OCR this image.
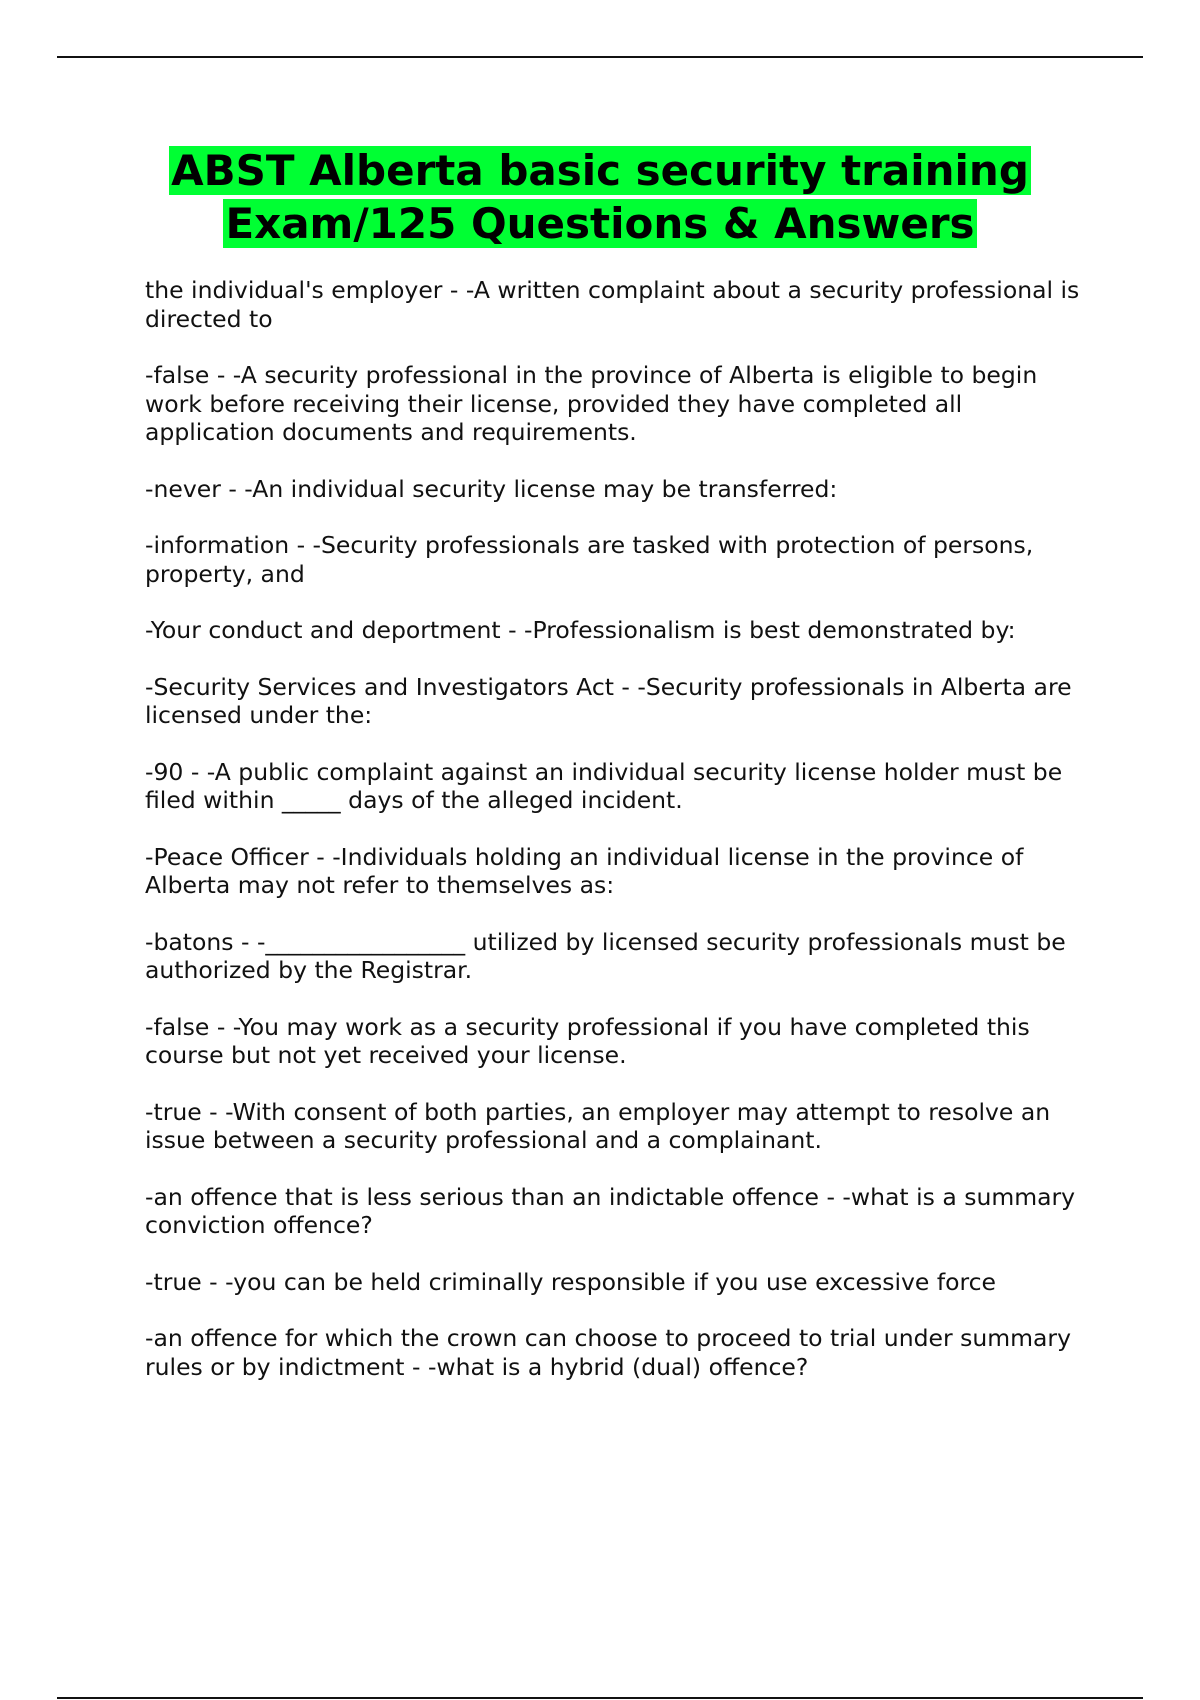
ABST Alberta basic security training
Exam/125 Questions & Answers

the individual's employer - -A written complaint about a security professional is directed to

-false - -A security professional in the province of Alberta is eligible to begin work before receiving their license, provided they have completed all application documents and requirements.

-never - -An individual security license may be transferred:

-information - -Security professionals are tasked with protection of persons, property, and

-Your conduct and deportment - -Professionalism is best demonstrated by:

-Security Services and Investigators Act - -Security professionals in Alberta are licensed under the:

-90 - -A public complaint against an individual security license holder must be filed within _____ days of the alleged incident.

-Peace Officer - -Individuals holding an individual license in the province of Alberta may not refer to themselves as:

-batons - -_________________ utilized by licensed security professionals must be authorized by the Registrar.

-false - -You may work as a security professional if you have completed this course but not yet received your license.

-true - -With consent of both parties, an employer may attempt to resolve an issue between a security professional and a complainant.

-an offence that is less serious than an indictable offence - -what is a summary conviction offence?

-true - -you can be held criminally responsible if you use excessive force

-an offence for which the crown can choose to proceed to trial under summary rules or by indictment - -what is a hybrid (dual) offence?
